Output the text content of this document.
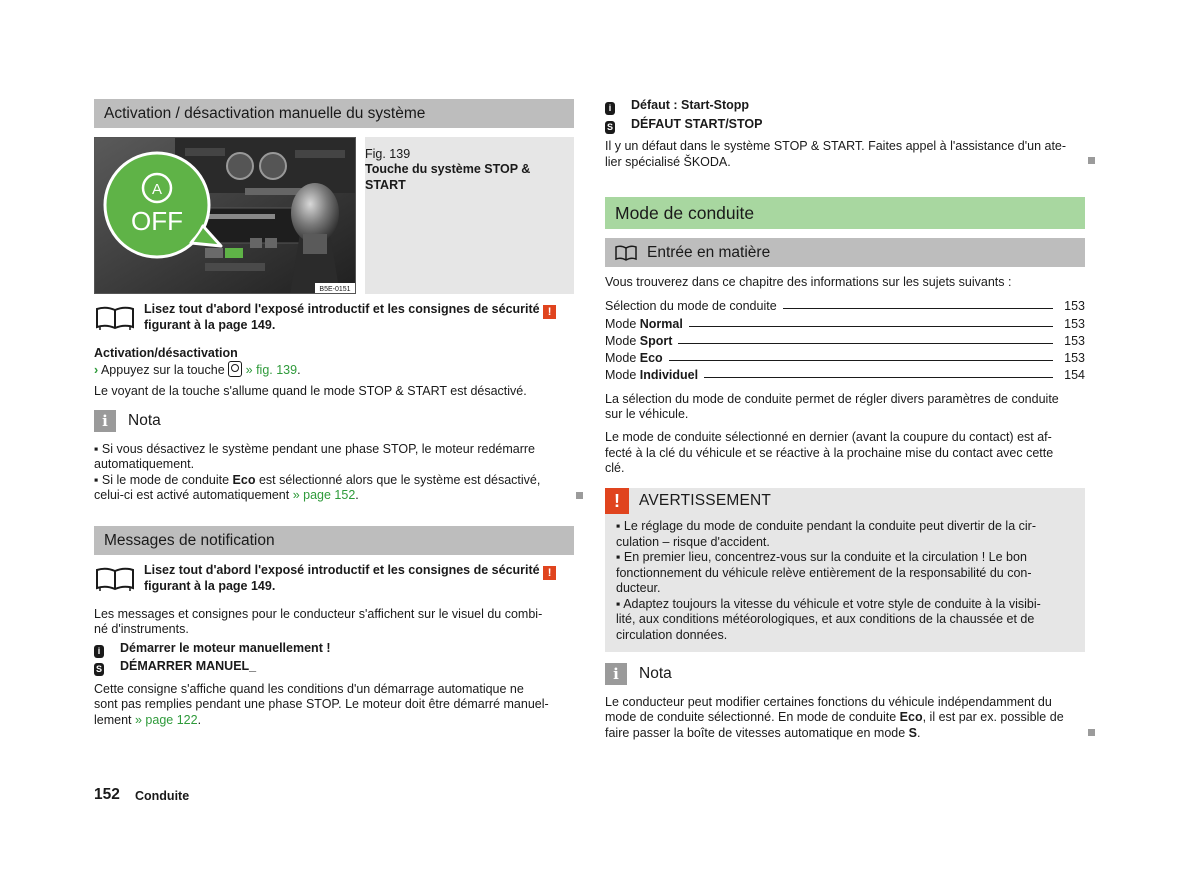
Activation / désactivation manuelle du système
A
OFF
B5E-0151
Fig. 139
Touche du système STOP &
START
Lisez tout d'abord l'exposé introductif et les consignes de sécurité !
figurant à la page 149.
Activation/désactivation
› Appuyez sur la touche » fig. 139.
Le voyant de la touche s'allume quand le mode STOP & START est désactivé.
i	Nota
▪ Si vous désactivez le système pendant une phase STOP, le moteur redémarre
automatiquement.
▪ Si le mode de conduite Eco est sélectionné alors que le système est désactivé,
celui-ci est activé automatiquement » page 152.
Messages de notification
Lisez tout d'abord l'exposé introductif et les consignes de sécurité !
figurant à la page 149.
Les messages et consignes pour le conducteur s'affichent sur le visuel du combi-
né d'instruments.
i Démarrer le moteur manuellement !
S DÉMARRER MANUEL_
Cette consigne s'affiche quand les conditions d'un démarrage automatique ne
sont pas remplies pendant une phase STOP. Le moteur doit être démarré manuel-
lement » page 122.
152 Conduite
i Défaut : Start-Stopp
S DÉFAUT START/STOP
Il y un défaut dans le système STOP & START. Faites appel à l'assistance d'un ate-
lier spécialisé ŠKODA.
Mode de conduite
Entrée en matière
Vous trouverez dans ce chapitre des informations sur les sujets suivants :
Sélection du mode de conduite	153
Mode Normal	153
Mode Sport	153
Mode Eco	153
Mode Individuel	154
La sélection du mode de conduite permet de régler divers paramètres de conduite
sur le véhicule.
Le mode de conduite sélectionné en dernier (avant la coupure du contact) est af-
fecté à la clé du véhicule et se réactive à la prochaine mise du contact avec cette
clé.
!	AVERTISSEMENT
▪ Le réglage du mode de conduite pendant la conduite peut divertir de la cir-
culation – risque d'accident.
▪ En premier lieu, concentrez-vous sur la conduite et la circulation ! Le bon
fonctionnement du véhicule relève entièrement de la responsabilité du con-
ducteur.
▪ Adaptez toujours la vitesse du véhicule et votre style de conduite à la visibi-
lité, aux conditions météorologiques, et aux conditions de la chaussée et de
circulation données.
i	Nota
Le conducteur peut modifier certaines fonctions du véhicule indépendamment du
mode de conduite sélectionné. En mode de conduite Eco, il est par ex. possible de
faire passer la boîte de vitesses automatique en mode S.
